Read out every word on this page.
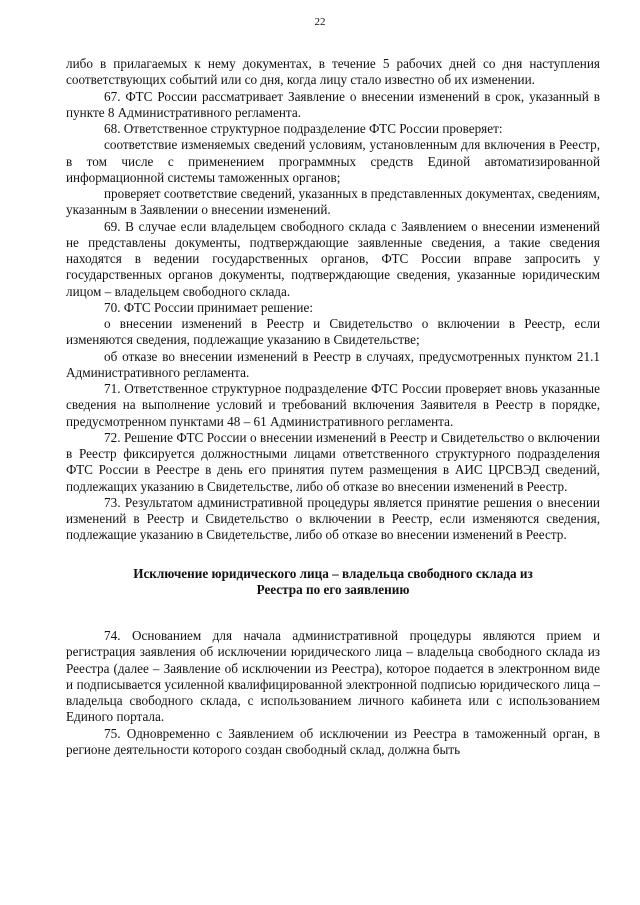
22

либо в прилагаемых к нему документах, в течение 5 рабочих дней со дня наступления соответствующих событий или со дня, когда лицу стало известно об их изменении.

67. ФТС России рассматривает Заявление о внесении изменений в срок, указанный в пункте 8 Административного регламента.

68. Ответственное структурное подразделение ФТС России проверяет:

соответствие изменяемых сведений условиям, установленным для включения в Реестр, в том числе с применением программных средств Единой автоматизированной информационной системы таможенных органов;

проверяет соответствие сведений, указанных в представленных документах, сведениям, указанным в Заявлении о внесении изменений.

69. В случае если владельцем свободного склада с Заявлением о внесении изменений не представлены документы, подтверждающие заявленные сведения, а такие сведения находятся в ведении государственных органов, ФТС России вправе запросить у государственных органов документы, подтверждающие сведения, указанные юридическим лицом – владельцем свободного склада.

70. ФТС России принимает решение:

о внесении изменений в Реестр и Свидетельство о включении в Реестр, если изменяются сведения, подлежащие указанию в Свидетельстве;

об отказе во внесении изменений в Реестр в случаях, предусмотренных пунктом 21.1 Административного регламента.

71. Ответственное структурное подразделение ФТС России проверяет вновь указанные сведения на выполнение условий и требований включения Заявителя в Реестр в порядке, предусмотренном пунктами 48 – 61 Административного регламента.

72. Решение ФТС России о внесении изменений в Реестр и Свидетельство о включении в Реестр фиксируется должностными лицами ответственного структурного подразделения ФТС России в Реестре в день его принятия путем размещения в АИС ЦРСВЭД сведений, подлежащих указанию в Свидетельстве, либо об отказе во внесении изменений в Реестр.

73. Результатом административной процедуры является принятие решения о внесении изменений в Реестр и Свидетельство о включении в Реестр, если изменяются сведения, подлежащие указанию в Свидетельстве, либо об отказе во внесении изменений в Реестр.

Исключение юридического лица – владельца свободного склада из

Реестра по его заявлению

74. Основанием для начала административной процедуры являются прием и регистрация заявления об исключении юридического лица – владельца свободного склада из Реестра (далее – Заявление об исключении из Реестра), которое подается в электронном виде и подписывается усиленной квалифицированной электронной подписью юридического лица – владельца свободного склада, с использованием личного кабинета или с использованием Единого портала.

75. Одновременно с Заявлением об исключении из Реестра в таможенный орган, в регионе деятельности которого создан свободный склад, должна быть
